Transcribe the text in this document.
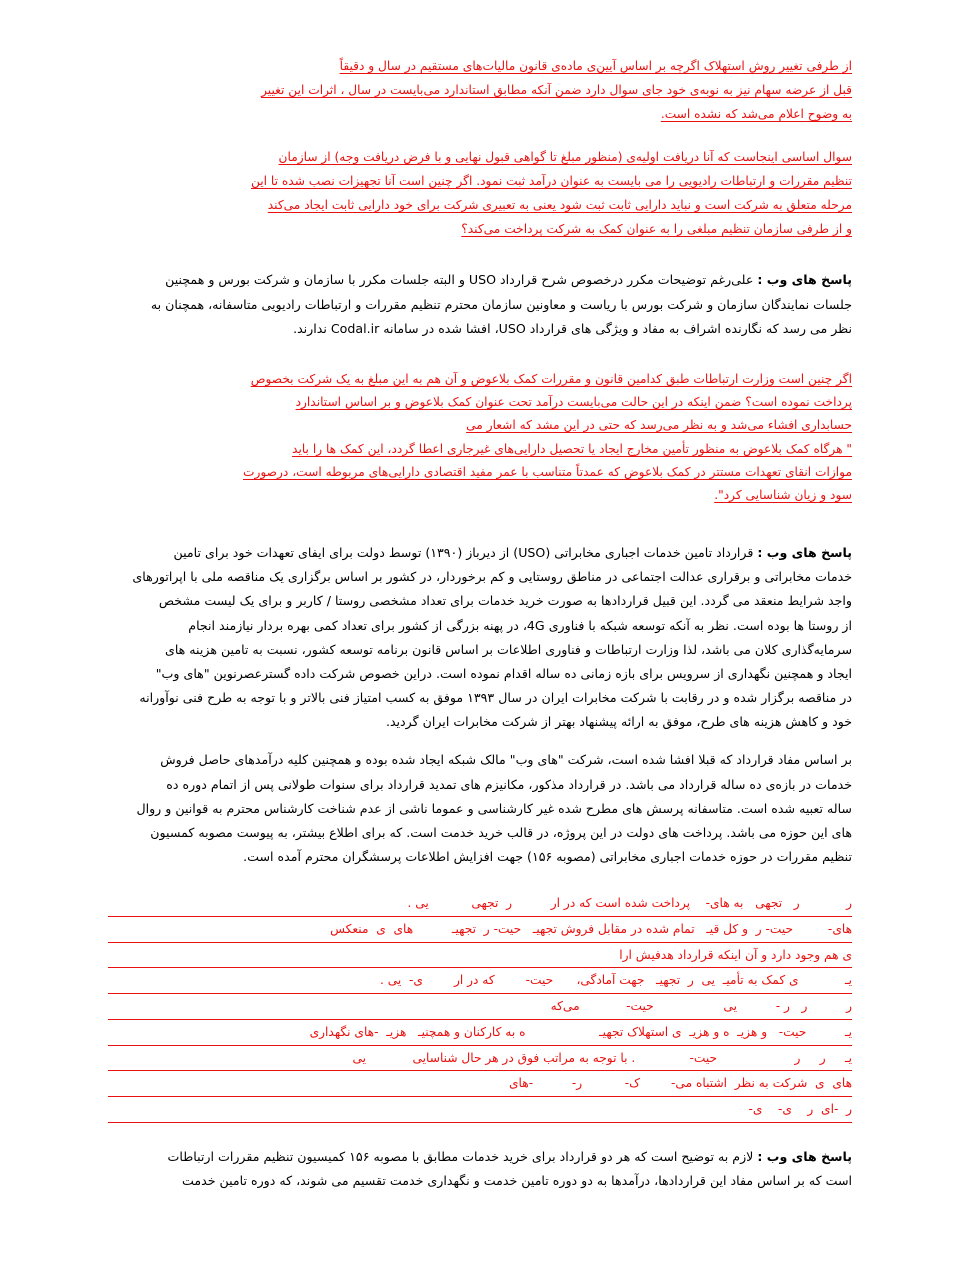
از طرفی تغییر روش استهلاک اگرچه بر اساس آیین‌ی ماده‌ی قانون مالیات‌های مستقیم در سال و دقیقاً

قبل از عرضه سهام نیز به نوبه‌ی خود جای سوال دارد ضمن آنکه مطابق استاندارد می‌بایست در سال ، اثرات این تغییر

به وضوح اعلام می‌شد که نشده است.

سوال اساسی اینجاست که آنا دریافت اولیه‌ی (منظور مبلغ تا گواهی قبول نهایی و با فرض دریافت وجه) از سازمان

تنظیم مقررات و ارتباطات رادیویی را می بایست به عنوان درآمد ثبت نمود. اگر چنین است آنا تجهیزات نصب شده تا این

مرحله متعلق به شرکت است و نباید دارایی ثابت ثبت شود یعنی به تعبیری شرکت برای خود دارایی ثابت ایجاد می‌کند

و از طرفی سازمان تنظیم مبلغی را به عنوان کمک به شرکت پرداخت می‌کند؟

پاسخ های وب : علی‌رغم توضیحات مکرر درخصوص شرح قرارداد USO و البته جلسات مکرر با سازمان و شرکت بورس و همچنین

جلسات نمایندگان سازمان و شرکت بورس با ریاست و معاونین سازمان محترم تنظیم مقررات و ارتباطات رادیویی متاسفانه، همچنان به

نظر می رسد که نگارنده اشراف به مفاد و ویژگی های قرارداد USO، افشا شده در سامانه Codal.ir ندارند.

اگر چنین است وزارت ارتباطات طبق کدامین قانون و مقررات کمک بلاعوض و آن هم به این مبلغ به یک شرکت بخصوص

پرداخت نموده است؟ ضمن اینکه در این حالت می‌بایست درآمد تحت عنوان کمک بلاعوض و بر اساس استاندارد

حسابداری افشاء می‌شد و به نظر می‌رسد که حتی در این مشد که اشعار می

" هرگاه کمک بلاعوض به منظور تأمین مخارج ایجاد یا تحصیل دارایی‌های غیرجاری اعطا گردد، این کمک ها را باید

موازات انقای تعهدات مستتر در کمک بلاعوض که عمدتاً متناسب با عمر مفید اقتصادی دارایی‌های مربوطه است، درصورت

سود و زیان شناسایی کرد".

پاسخ های وب : قرارداد تامین خدمات اجباری مخابراتی (USO) از دیرباز (۱۳۹۰) توسط دولت برای ایفای تعهدات خود برای تامین

خدمات مخابراتی و برقراری عدالت اجتماعی در مناطق روستایی و کم برخوردار، در کشور بر اساس برگزاری یک مناقصه ملی با اپراتورهای

واجد شرایط منعقد می گردد. این قبیل قراردادها به صورت خرید خدمات برای تعداد مشخصی روستا / کاربر و برای یک لیست مشخص

از روستا ها بوده است. نظر به آنکه توسعه شبکه با فناوری 4G، در پهنه بزرگی از کشور برای تعداد کمی بهره بردار نیازمند انجام

سرمایه‌گذاری کلان می باشد، لذا وزارت ارتباطات و فناوری اطلاعات بر اساس قانون برنامه توسعه کشور، نسبت به تامین هزینه های

ایجاد و همچنین نگهداری از سرویس برای بازه زمانی ده ساله اقدام نموده است. دراین خصوص شرکت داده گسترعصرنوین "های وب"

در مناقصه برگزار شده و در رقابت با شرکت مخابرات ایران در سال ۱۳۹۳ موفق به کسب امتیاز فنی بالاتر و با توجه به طرح فنی نوآورانه

خود و کاهش هزینه های طرح، موفق به ارائه پیشنهاد بهتر از شرکت مخابرات ایران گردید.

بر اساس مفاد قرارداد که قبلا افشا شده است، شرکت "های وب" مالک شبکه ایجاد شده بوده و همچنین کلیه درآمدهای حاصل فروش

خدمات در بازه‌ی ده ساله قرارداد می باشد. در قرارداد مذکور، مکانیزم های تمدید قرارداد برای سنوات طولانی پس از اتمام دوره ده

ساله تعبیه شده است. متاسفانه پرسش های مطرح شده غیر کارشناسی و عموما ناشی از عدم شناخت کارشناس محترم به قوانین و روال

های این حوزه می باشد. پرداخت های دولت در این پروژه، در قالب خرید خدمت است. که برای اطلاع بیشتر، به پیوست مصوبه کمسیون

تنظیم مقررات در حوزه خدمات اجباری مخابراتی (مصوبه ۱۵۶) جهت افزایش اطلاعات پرسشگران محترم آمده است.

ر            ر   تجهی   به های-    پرداخت شده است که در ار          ر  تجهی           یی .
های-         حیت- ر  و کل قیـ   تمام شده در مقابل فروش تجهیـ   حیت- ر  تجهیـ          های  ی  منعکس
ی هم وجود دارد و آن اینکه قرارداد هدفیش ارا
یـ            ی کمک به تأمیـ  یی  ر  تجهیـ   جهت آمادگی،      حیت-        که در ار        ی-  یی .
ر          ر   ر -          یی                  حیت-            می‌که
یـ          حیت-   و هزیـ  ه و هزیـ  ی استهلاک تجهیـ                   ه به کارکنان و همچنیـ   هزیـ  -های نگهداری
یـ     ر     ر                    حیت-              . با توجه به مراتب فوق در هر حال شناسایی            یی
های  ی  شرکت به نظر  اشتباه می-        ک-           ر-          -های
ر  -ای  ر    ی-    ی-

پاسخ های وب : لازم به توضیح است که هر دو قرارداد برای خرید خدمات مطابق با مصوبه ۱۵۶ کمیسیون تنظیم مقررات ارتباطات

است که بر اساس مفاد این قراردادها، درآمدها به دو دوره تامین خدمت و نگهداری خدمت تقسیم می شوند، که دوره تامین خدمت
